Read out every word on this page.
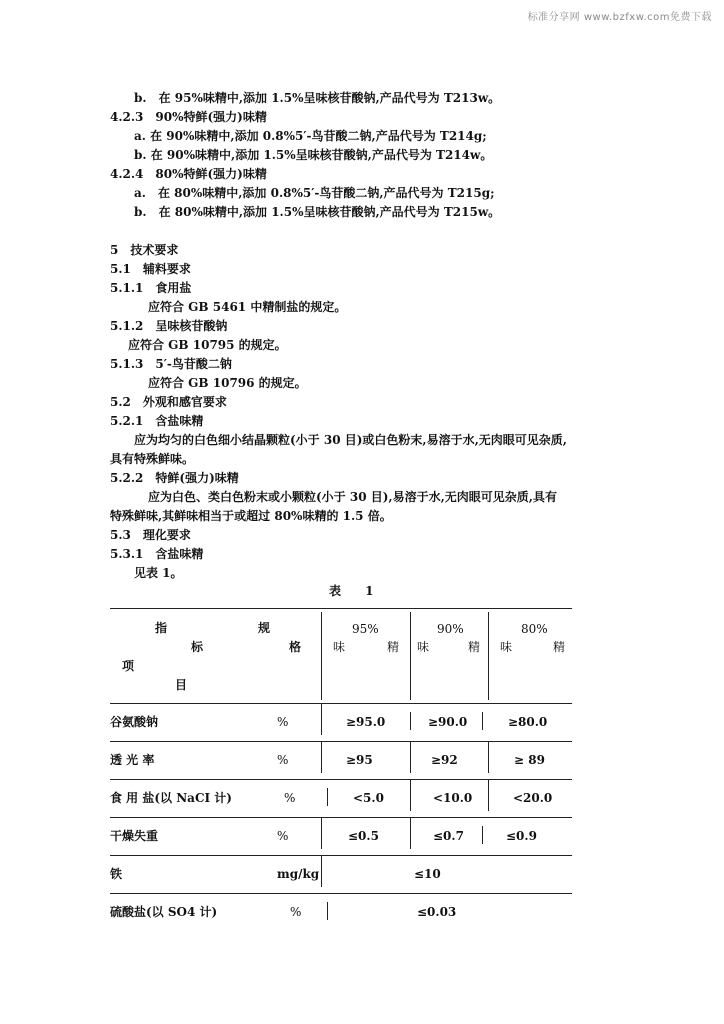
标准分享网 www.bzfxw.com免费下载
b.　在 95%味精中,添加 1.5%呈味核苷酸钠,产品代号为 T213w。
4.2.3　90%特鲜(强力)味精
a. 在 90%味精中,添加 0.8%5′-鸟苷酸二钠,产品代号为 T214g;
b. 在 90%味精中,添加 1.5%呈味核苷酸钠,产品代号为 T214w。
4.2.4　80%特鲜(强力)味精
a.　在 80%味精中,添加 0.8%5′-鸟苷酸二钠,产品代号为 T215g;
b.　在 80%味精中,添加 1.5%呈味核苷酸钠,产品代号为 T215w。
5　技术要求
5.1　辅料要求
5.1.1　食用盐
应符合 GB 5461 中精制盐的规定。
5.1.2　呈味核苷酸钠
应符合 GB 10795 的规定。
5.1.3　5′-鸟苷酸二钠
应符合 GB 10796 的规定。
5.2　外观和感官要求
5.2.1　含盐味精
应为均匀的白色细小结晶颗粒(小于 30 目)或白色粉末,易溶于水,无肉眼可见杂质,
具有特殊鲜味。
5.2.2　特鲜(强力)味精
应为白色、类白色粉末或小颗粒(小于 30 目),易溶于水,无肉眼可见杂质,具有
特殊鲜味,其鲜味相当于或超过 80%味精的 1.5 倍。
5.3　理化要求
5.3.1　含盐味精
见表 1。
表 1
指	规
标	格
项
目
95%	90%	80%
味	精 味	精 味	精
谷氨酸钠	%	≥95.0	≥90.0	≥80.0
透 光 率	%	≥95	≥92	≥ 89
食 用 盐(以 NaCI 计)	%	<5.0	<10.0	<20.0
干燥失重	%	≤0.5	≤0.7	≤0.9
铁	mg/kg	≤10
硫酸盐(以 SO4 计)	%	≤0.03
